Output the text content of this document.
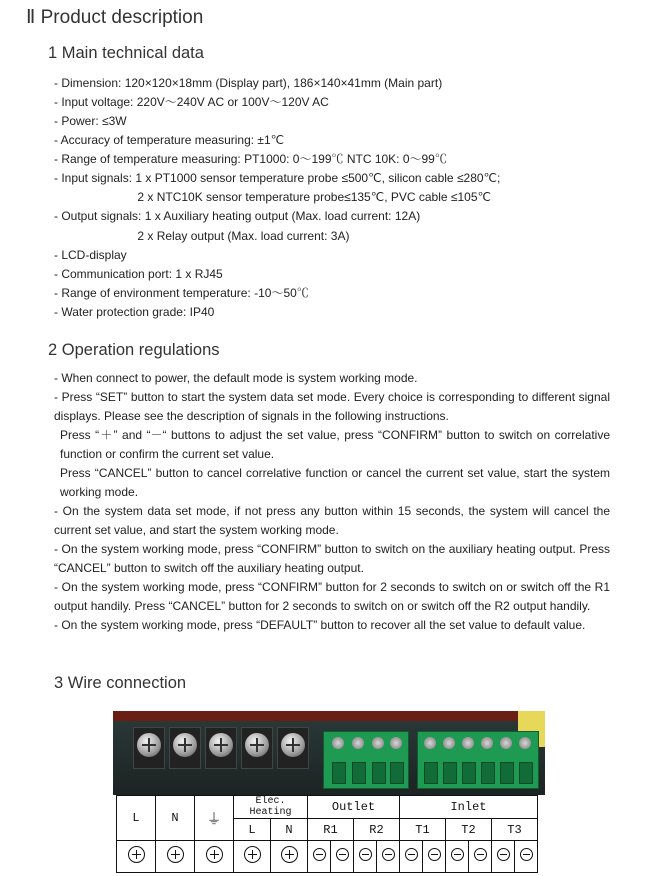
Ⅱ Product description
1 Main technical data
- Dimension: 120×120×18mm (Display part), 186×140×41mm (Main part)
- Input voltage: 220V～240V AC or 100V～120V AC
- Power: ≤3W
- Accuracy of temperature measuring: ±1℃
- Range of temperature measuring: PT1000: 0～199℃ NTC 10K: 0～99℃
- Input signals: 1 x PT1000 sensor temperature probe ≤500℃, silicon cable ≤280℃;
2 x NTC10K sensor temperature probe≤135℃, PVC cable ≤105℃
- Output signals: 1 x Auxiliary heating output (Max. load current: 12A)
2 x Relay output (Max. load current: 3A)
- LCD-display
- Communication port: 1 x RJ45
- Range of environment temperature: -10～50℃
- Water protection grade: IP40
2 Operation regulations

- When connect to power, the default mode is system working mode.

- Press “SET” button to start the system data set mode. Every choice is corresponding to different signal displays. Please see the description of signals in the following instructions.

Press “＋” and “－“ buttons to adjust the set value, press “CONFIRM” button to switch on correlative function or confirm the current set value.

Press “CANCEL” button to cancel correlative function or cancel the current set value, start the system working mode.

- On the system data set mode, if not press any button within 15 seconds, the system will cancel the current set value, and start the system working mode.

- On the system working mode, press “CONFIRM” button to switch on the auxiliary heating output. Press “CANCEL” button to switch off the auxiliary heating output.

- On the system working mode, press “CONFIRM” button for 2 seconds to switch on or switch off the R1 output handily. Press “CANCEL” button for 2 seconds to switch on or switch off the R2 output handily.

- On the system working mode, press “DEFAULT” button to recover all the set value to default value.

3 Wire connection
L	N	⏚	Elec. Heating		Outlet				Inlet					
			L	N	R1		R2		T1		T2		T3	
